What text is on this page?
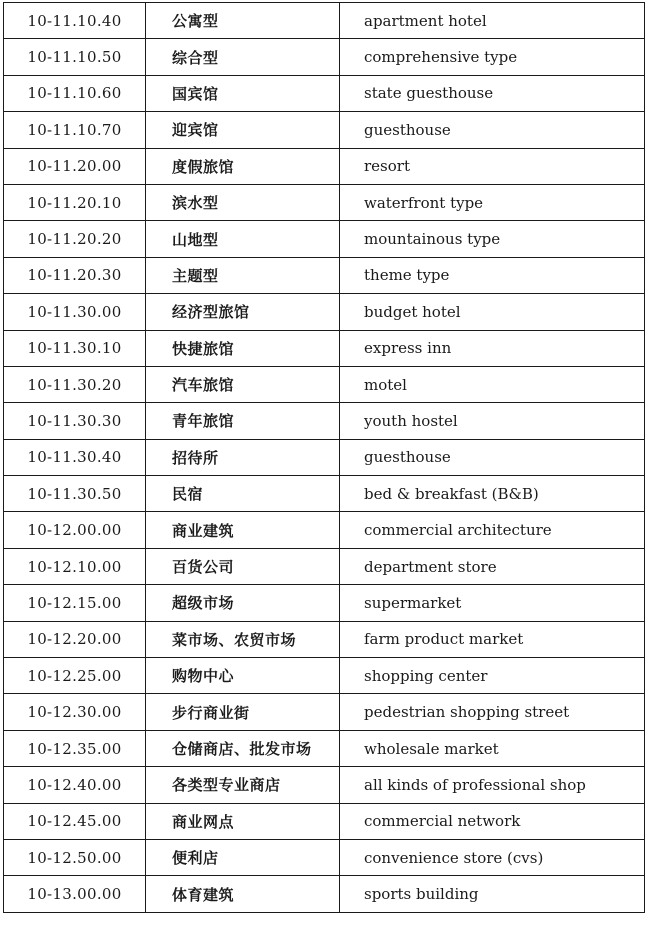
10-11.10.40	公寓型	apartment hotel
10-11.10.50	综合型	comprehensive type
10-11.10.60	国宾馆	state guesthouse
10-11.10.70	迎宾馆	guesthouse
10-11.20.00	度假旅馆	resort
10-11.20.10	滨水型	waterfront type
10-11.20.20	山地型	mountainous type
10-11.20.30	主题型	theme type
10-11.30.00	经济型旅馆	budget hotel
10-11.30.10	快捷旅馆	express inn
10-11.30.20	汽车旅馆	motel
10-11.30.30	青年旅馆	youth hostel
10-11.30.40	招待所	guesthouse
10-11.30.50	民宿	bed & breakfast (B&B)
10-12.00.00	商业建筑	commercial architecture
10-12.10.00	百货公司	department store
10-12.15.00	超级市场	supermarket
10-12.20.00	菜市场、农贸市场	farm product market
10-12.25.00	购物中心	shopping center
10-12.30.00	步行商业街	pedestrian shopping street
10-12.35.00	仓储商店、批发市场	wholesale market
10-12.40.00	各类型专业商店	all kinds of professional shop
10-12.45.00	商业网点	commercial network
10-12.50.00	便利店	convenience store (cvs)
10-13.00.00	体育建筑	sports building
